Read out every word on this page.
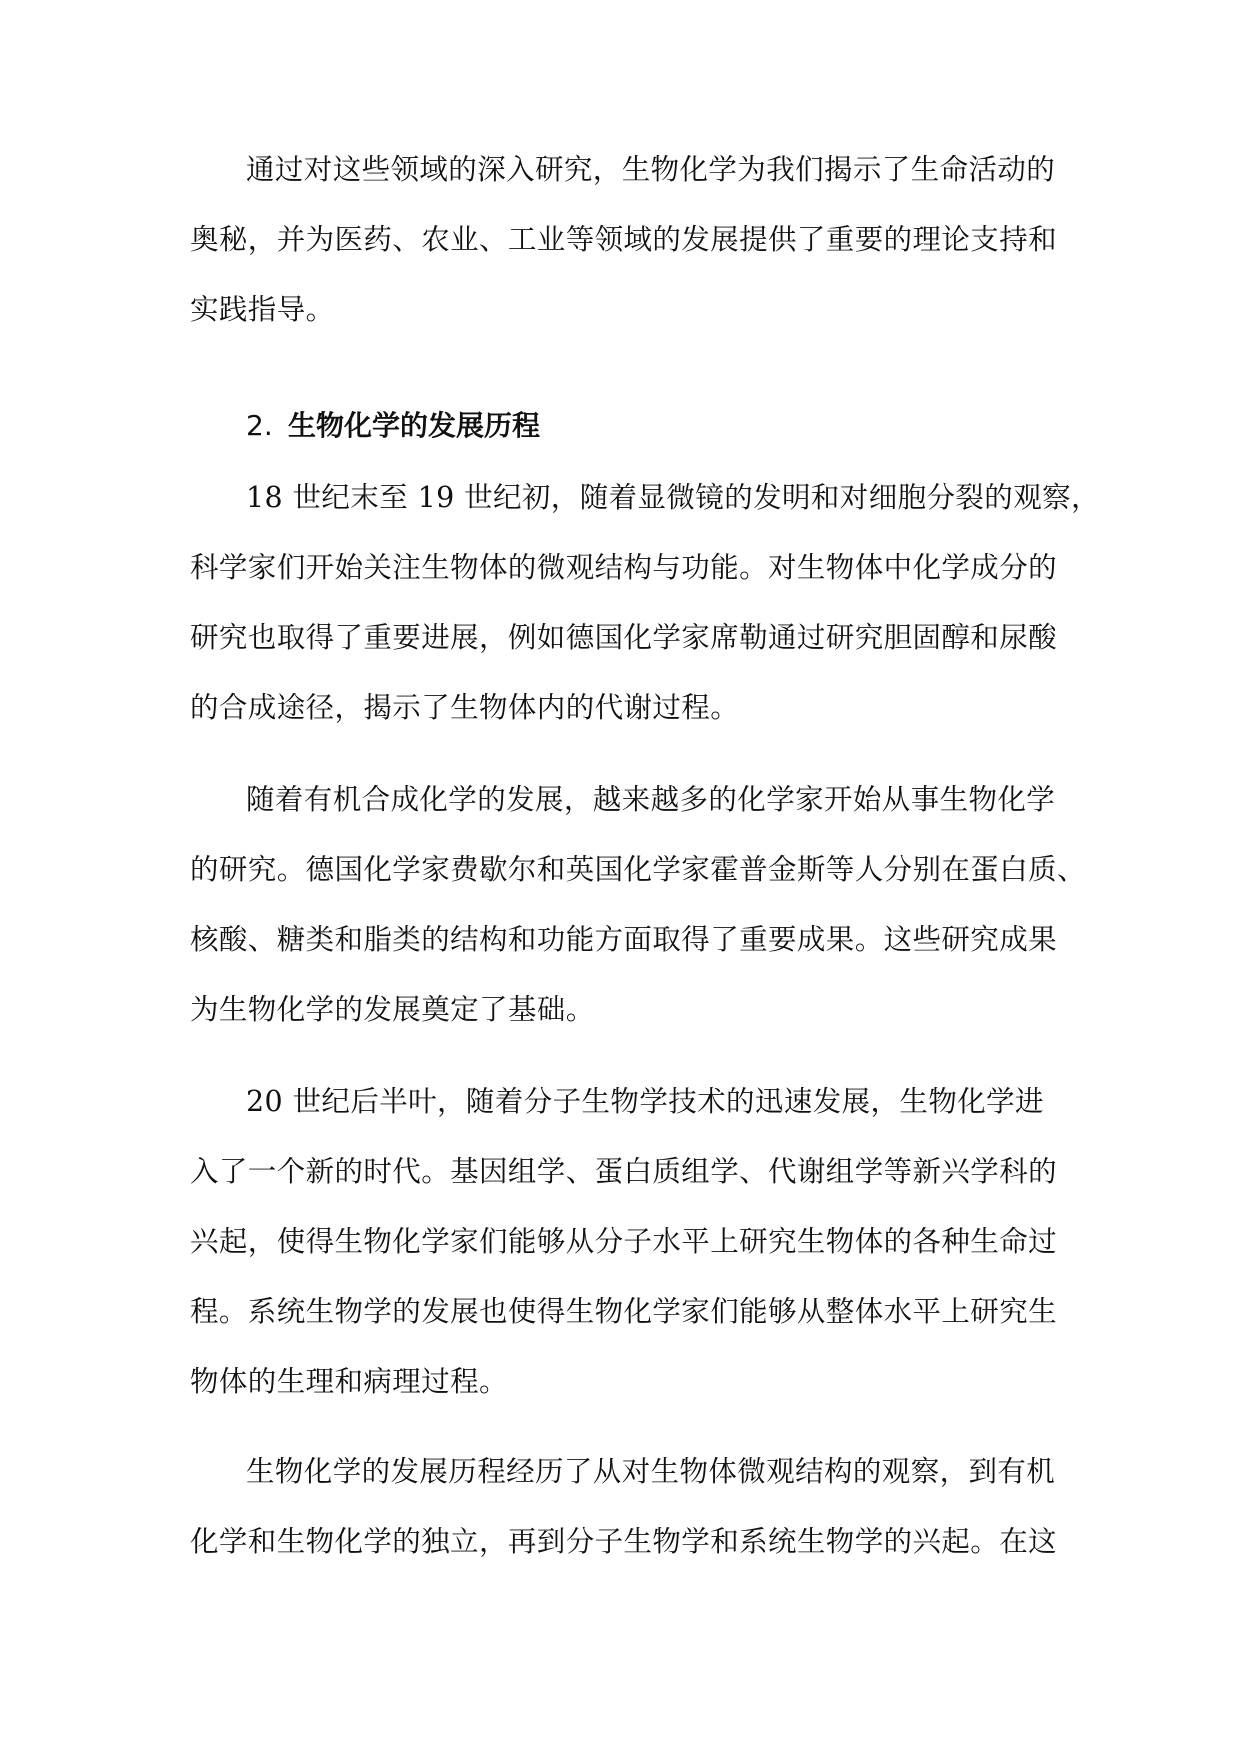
通过对这些领域的深入研究，生物化学为我们揭示了生命活动的
奥秘，并为医药、农业、工业等领域的发展提供了重要的理论支持和
实践指导。
2. 生物化学的发展历程
18 世纪末至 19 世纪初，随着显微镜的发明和对细胞分裂的观察，
科学家们开始关注生物体的微观结构与功能。对生物体中化学成分的
研究也取得了重要进展，例如德国化学家席勒通过研究胆固醇和尿酸
的合成途径，揭示了生物体内的代谢过程。
随着有机合成化学的发展，越来越多的化学家开始从事生物化学
的研究。德国化学家费歇尔和英国化学家霍普金斯等人分别在蛋白质、
核酸、糖类和脂类的结构和功能方面取得了重要成果。这些研究成果
为生物化学的发展奠定了基础。
20 世纪后半叶，随着分子生物学技术的迅速发展，生物化学进
入了一个新的时代。基因组学、蛋白质组学、代谢组学等新兴学科的
兴起，使得生物化学家们能够从分子水平上研究生物体的各种生命过
程。系统生物学的发展也使得生物化学家们能够从整体水平上研究生
物体的生理和病理过程。
生物化学的发展历程经历了从对生物体微观结构的观察，到有机
化学和生物化学的独立，再到分子生物学和系统生物学的兴起。在这
